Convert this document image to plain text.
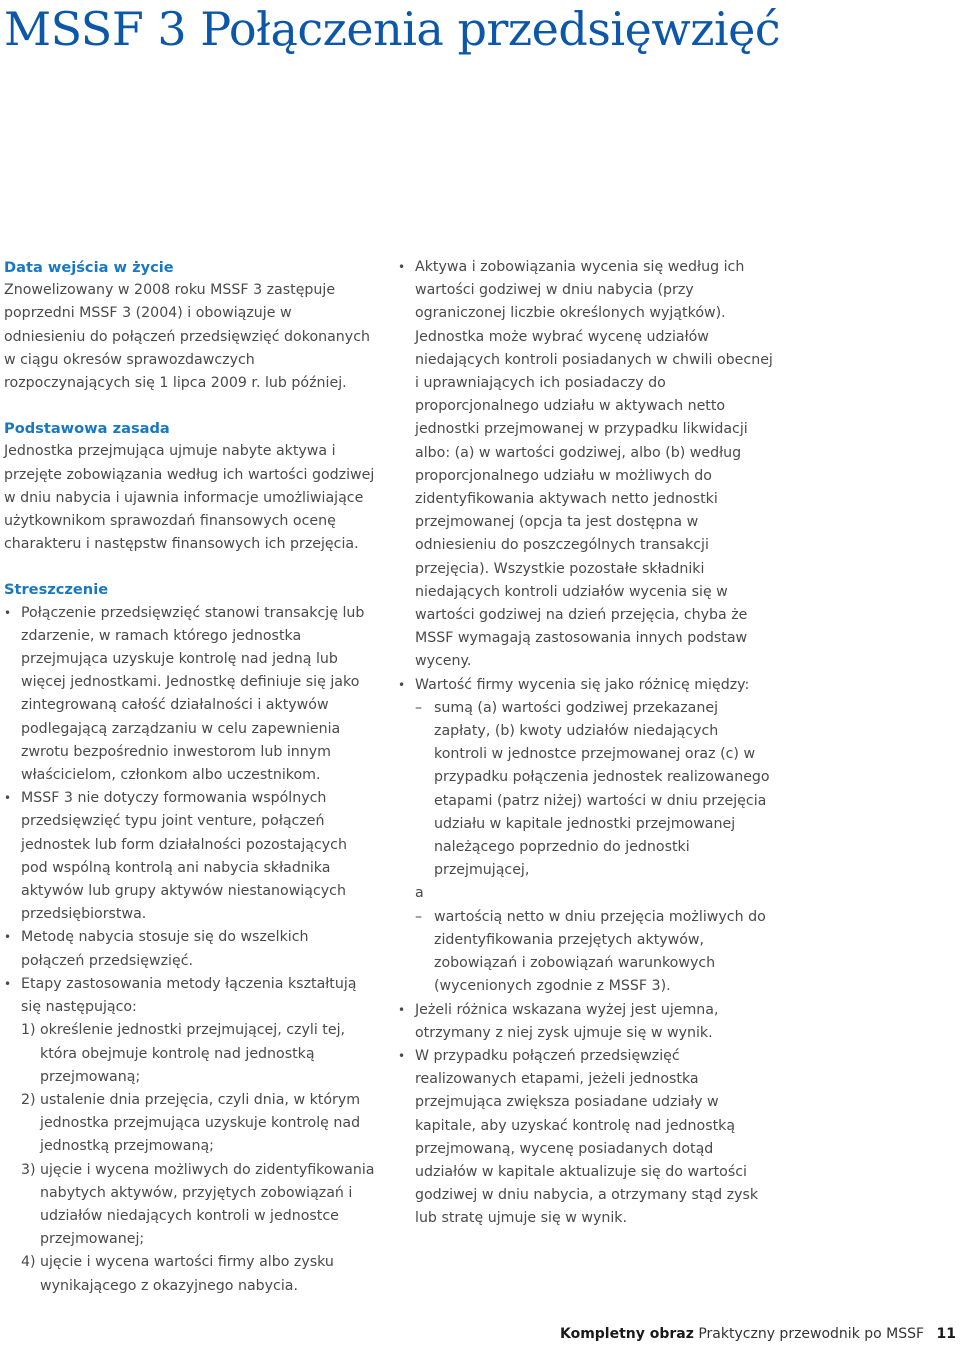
MSSF 3 Połączenia przedsięwzięć
Data wejścia w życie

Znowelizowany w 2008 roku MSSF 3 zastępuje poprzedni MSSF 3 (2004) i obowiązuje w odniesieniu do połączeń przedsięwzięć dokonanych w ciągu okresów sprawozdawczych rozpoczynających się 1 lipca 2009 r. lub później.

Podstawowa zasada

Jednostka przejmująca ujmuje nabyte aktywa i przejęte zobowiązania według ich wartości godziwej w dniu nabycia i ujawnia informacje umożliwiające użytkownikom sprawozdań finansowych ocenę charakteru i następstw finansowych ich przejęcia.

Streszczenie
• Połączenie przedsięwzięć stanowi transakcję lub zdarzenie, w ramach którego jednostka przejmująca uzyskuje kontrolę nad jedną lub więcej jednostkami. Jednostkę definiuje się jako zintegrowaną całość działalności i aktywów podlegającą zarządzaniu w celu zapewnienia zwrotu bezpośrednio inwestorom lub innym właścicielom, członkom albo uczestnikom.
• MSSF 3 nie dotyczy formowania wspólnych przedsięwzięć typu joint venture, połączeń jednostek lub form działalności pozostających pod wspólną kontrolą ani nabycia składnika aktywów lub grupy aktywów niestanowiących przedsiębiorstwa.
• Metodę nabycia stosuje się do wszelkich połączeń przedsięwzięć.
• Etapy zastosowania metody łączenia kształtują się następująco:
1) określenie jednostki przejmującej, czyli tej, która obejmuje kontrolę nad jednostką przejmowaną;
2) ustalenie dnia przejęcia, czyli dnia, w którym jednostka przejmująca uzyskuje kontrolę nad jednostką przejmowaną;
3) ujęcie i wycena możliwych do zidentyfikowania nabytych aktywów, przyjętych zobowiązań i udziałów niedających kontroli w jednostce przejmowanej;
4) ujęcie i wycena wartości firmy albo zysku wynikającego z okazyjnego nabycia.
• Aktywa i zobowiązania wycenia się według ich wartości godziwej w dniu nabycia (przy ograniczonej liczbie określonych wyjątków). Jednostka może wybrać wycenę udziałów niedających kontroli posiadanych w chwili obecnej i uprawniających ich posiadaczy do proporcjonalnego udziału w aktywach netto jednostki przejmowanej w przypadku likwidacji albo: (a) w wartości godziwej, albo (b) według proporcjonalnego udziału w możliwych do zidentyfikowania aktywach netto jednostki przejmowanej (opcja ta jest dostępna w odniesieniu do poszczególnych transakcji przejęcia). Wszystkie pozostałe składniki niedających kontroli udziałów wycenia się w wartości godziwej na dzień przejęcia, chyba że MSSF wymagają zastosowania innych podstaw wyceny.
• Wartość firmy wycenia się jako różnicę między:
– sumą (a) wartości godziwej przekazanej zapłaty, (b) kwoty udziałów niedających kontroli w jednostce przejmowanej oraz (c) w przypadku połączenia jednostek realizowanego etapami (patrz niżej) wartości w dniu przejęcia udziału w kapitale jednostki przejmowanej należącego poprzednio do jednostki przejmującej,
a
– wartością netto w dniu przejęcia możliwych do zidentyfikowania przejętych aktywów, zobowiązań i zobowiązań warunkowych (wycenionych zgodnie z MSSF 3).
• Jeżeli różnica wskazana wyżej jest ujemna, otrzymany z niej zysk ujmuje się w wynik.
• W przypadku połączeń przedsięwzięć realizowanych etapami, jeżeli jednostka przejmująca zwiększa posiadane udziały w kapitale, aby uzyskać kontrolę nad jednostką przejmowaną, wycenę posiadanych dotąd udziałów w kapitale aktualizuje się do wartości godziwej w dniu nabycia, a otrzymany stąd zysk lub stratę ujmuje się w wynik.
Kompletny obraz Praktyczny przewodnik po MSSF 11
